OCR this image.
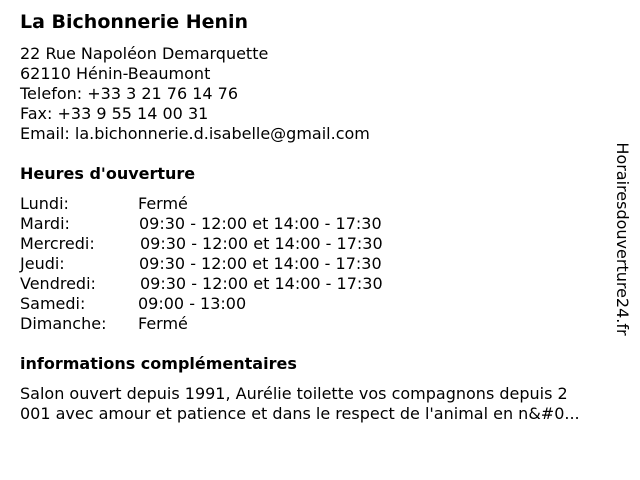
La Bichonnerie Henin
22 Rue Napoléon Demarquette
62110 Hénin-Beaumont
Telefon: +33 3 21 76 14 76
Fax: +33 9 55 14 00 31
Email: la.bichonnerie.d.isabelle@gmail.com
Heures d'ouverture
Lundi:	Fermé
Mardi:	09:30 - 12:00 et 14:00 - 17:30
Mercredi:	09:30 - 12:00 et 14:00 - 17:30
Jeudi:	09:30 - 12:00 et 14:00 - 17:30
Vendredi:	09:30 - 12:00 et 14:00 - 17:30
Samedi:	09:00 - 13:00
Dimanche: Fermé
informations complémentaires
Salon ouvert depuis 1991, Aurélie toilette vos compagnons depuis 2
001 avec amour et patience et dans le respect de l'animal en n&#0...
Horairesdouverture24.fr
